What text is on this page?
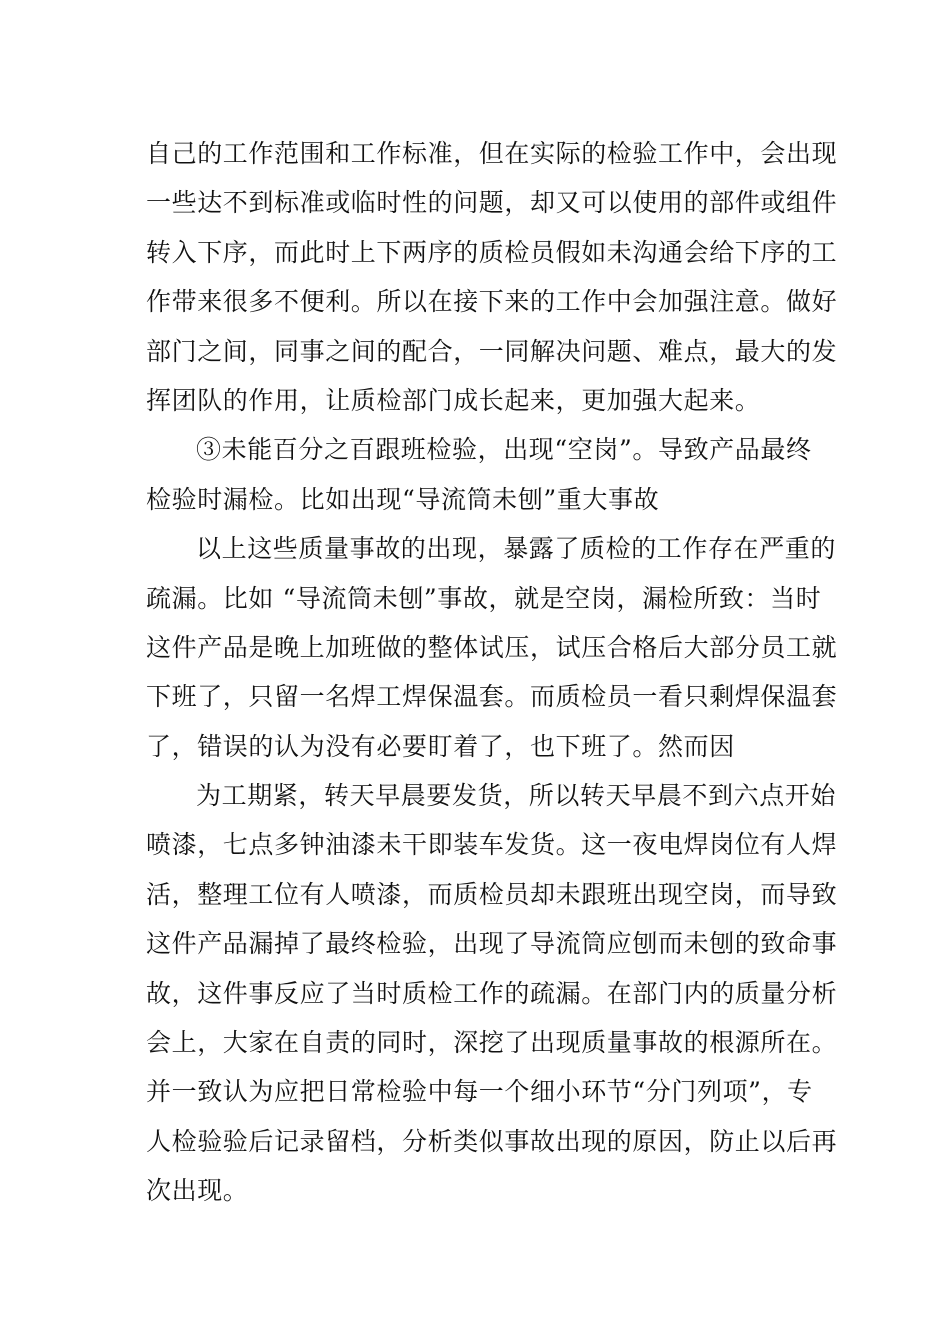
自己的工作范围和工作标准，但在实际的检验工作中，会出现
一些达不到标准或临时性的问题，却又可以使用的部件或组件
转入下序，而此时上下两序的质检员假如未沟通会给下序的工
作带来很多不便利。所以在接下来的工作中会加强注意。做好
部门之间，同事之间的配合，一同解决问题、难点，最大的发
挥团队的作用，让质检部门成长起来，更加强大起来。
③未能百分之百跟班检验，出现“空岗”。导致产品最终
检验时漏检。比如出现“导流筒未刨”重大事故
以上这些质量事故的出现，暴露了质检的工作存在严重的
疏漏。比如 “导流筒未刨”事故，就是空岗，漏检所致：当时
这件产品是晚上加班做的整体试压，试压合格后大部分员工就
下班了，只留一名焊工焊保温套。而质检员一看只剩焊保温套
了，错误的认为没有必要盯着了，也下班了。然而因
为工期紧，转天早晨要发货，所以转天早晨不到六点开始
喷漆，七点多钟油漆未干即装车发货。这一夜电焊岗位有人焊
活，整理工位有人喷漆，而质检员却未跟班出现空岗，而导致
这件产品漏掉了最终检验，出现了导流筒应刨而未刨的致命事
故，这件事反应了当时质检工作的疏漏。在部门内的质量分析
会上，大家在自责的同时，深挖了出现质量事故的根源所在。
并一致认为应把日常检验中每一个细小环节“分门列项”，专
人检验验后记录留档，分析类似事故出现的原因，防止以后再
次出现。
